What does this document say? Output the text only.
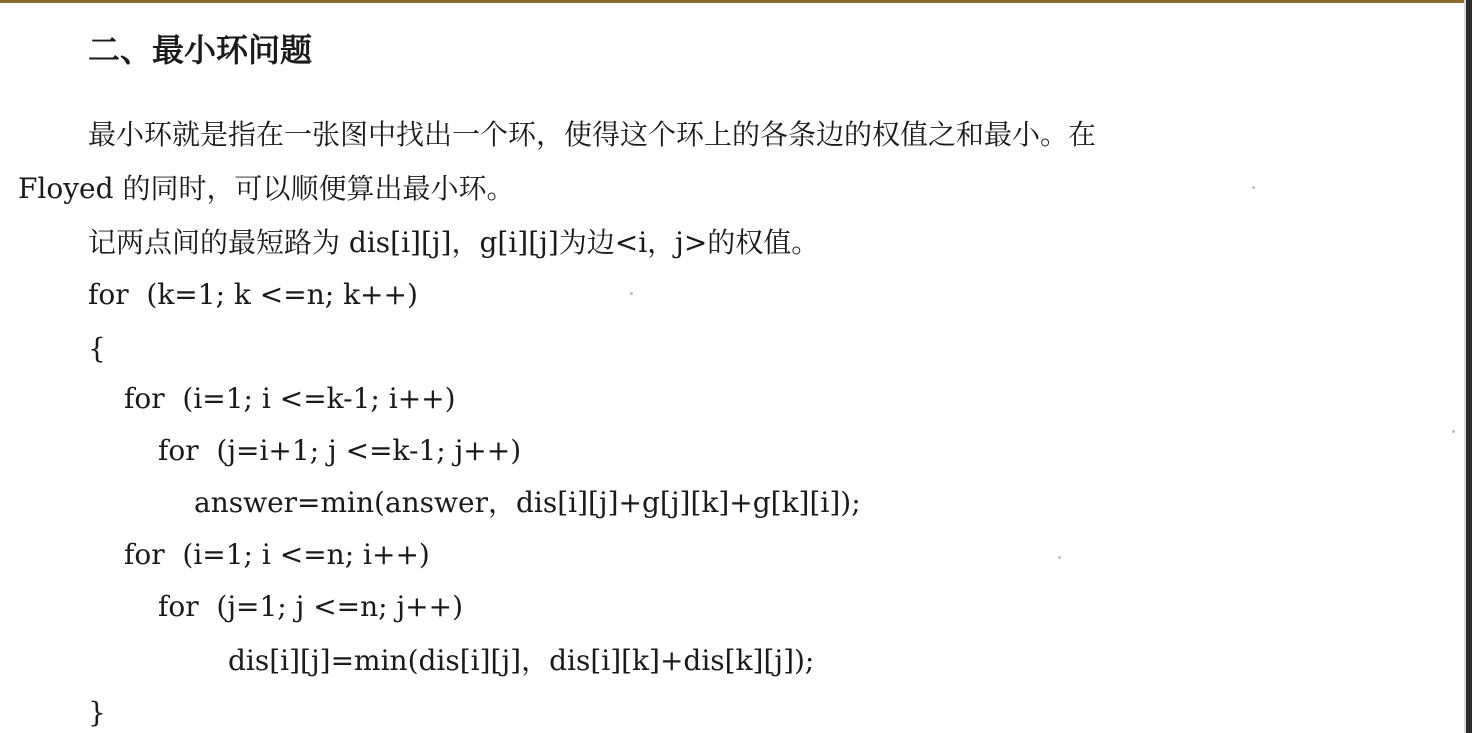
二、最小环问题
最小环就是指在一张图中找出一个环，使得这个环上的各条边的权值之和最小。在
Floyed 的同时，可以顺便算出最小环。
记两点间的最短路为 dis[i][j]，g[i][j]为边<i，j>的权值。
for  (k=1; k <=n; k++)
{
for  (i=1; i <=k-1; i++)
for  (j=i+1; j <=k-1; j++)
answer=min(answer，dis[i][j]+g[j][k]+g[k][i]);
for  (i=1; i <=n; i++)
for  (j=1; j <=n; j++)
dis[i][j]=min(dis[i][j]，dis[i][k]+dis[k][j]);
}
